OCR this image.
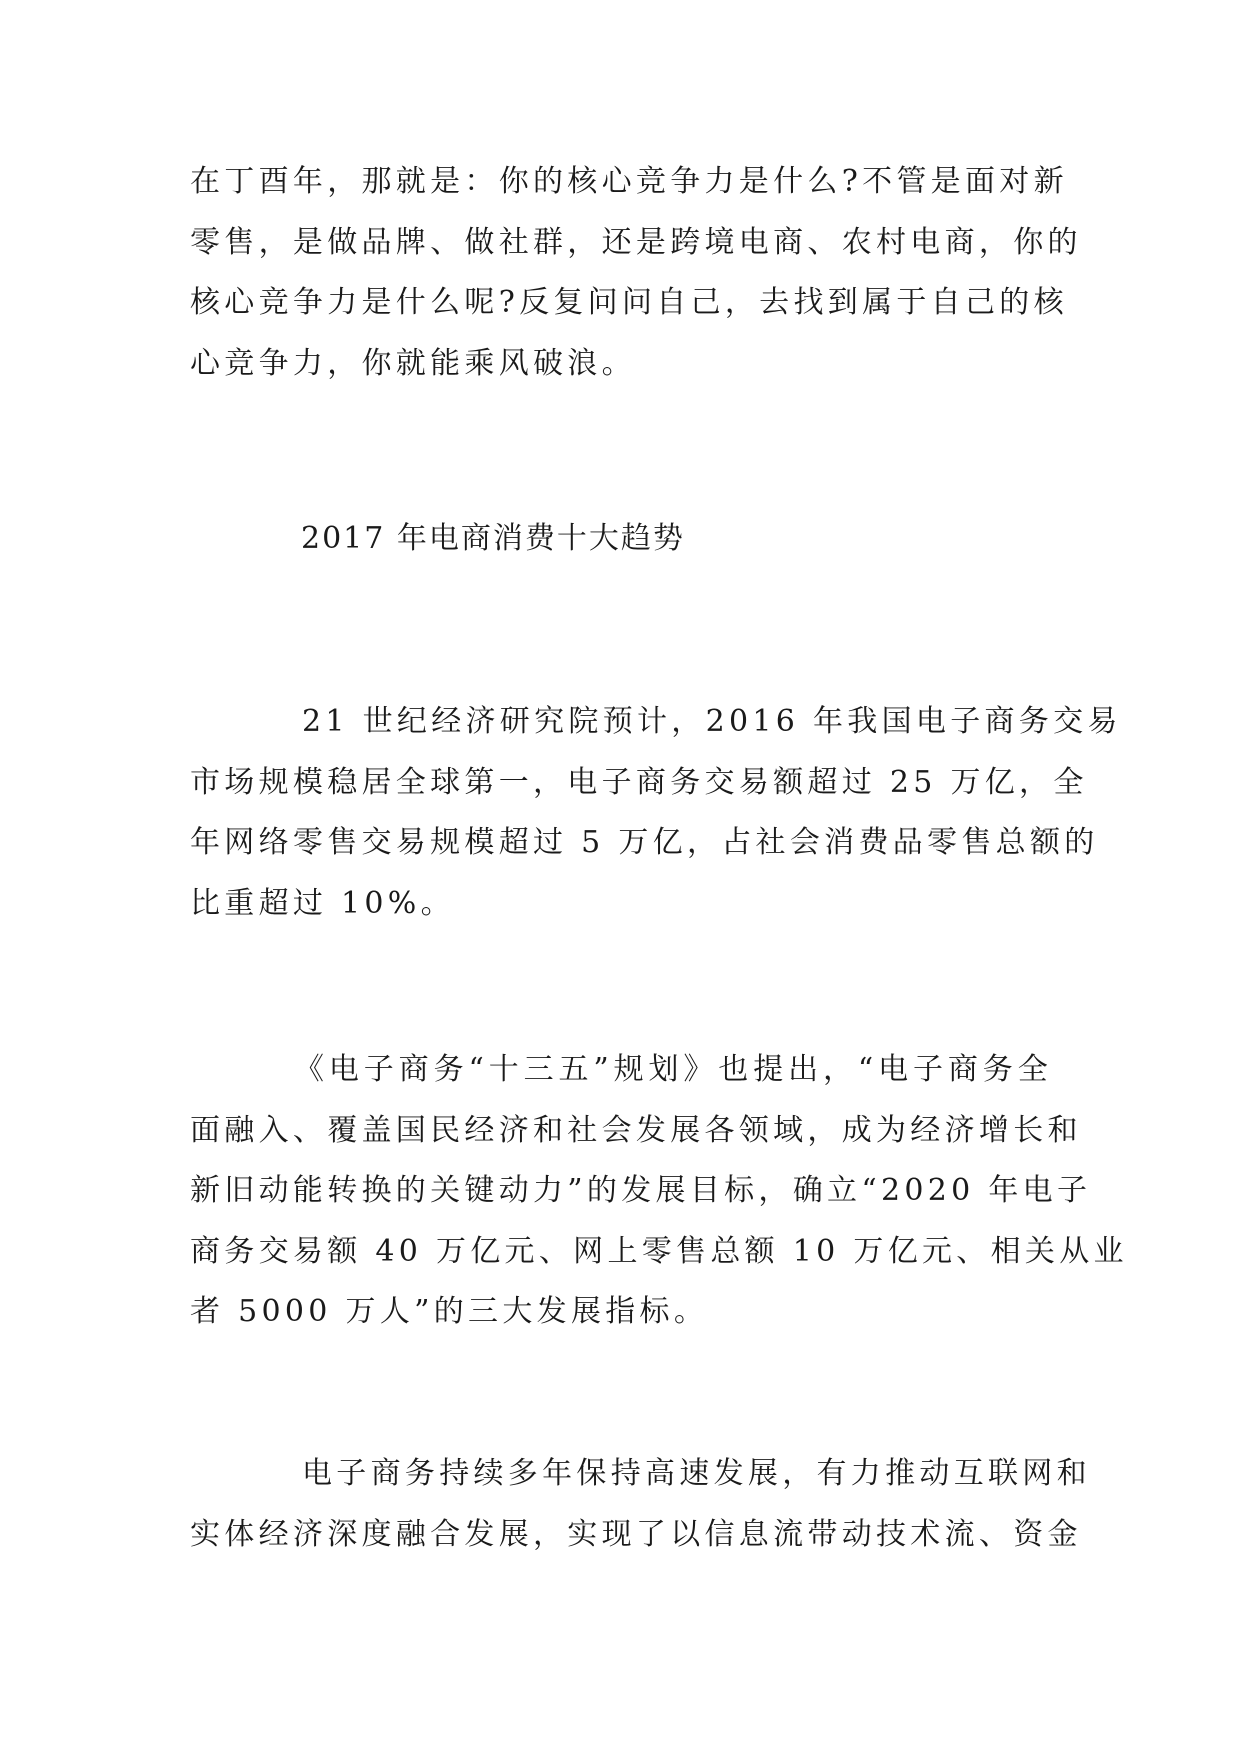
在丁酉年，那就是：你的核心竞争力是什么?不管是面对新
零售，是做品牌、做社群，还是跨境电商、农村电商，你的
核心竞争力是什么呢?反复问问自己，去找到属于自己的核
心竞争力，你就能乘风破浪。

2017 年电商消费十大趋势

21 世纪经济研究院预计，2016 年我国电子商务交易
市场规模稳居全球第一，电子商务交易额超过 25 万亿，全
年网络零售交易规模超过 5 万亿，占社会消费品零售总额的
比重超过 10%。

《电子商务“十三五”规划》也提出，“电子商务全
面融入、覆盖国民经济和社会发展各领域，成为经济增长和
新旧动能转换的关键动力”的发展目标，确立“2020 年电子
商务交易额 40 万亿元、网上零售总额 10 万亿元、相关从业
者 5000 万人”的三大发展指标。

电子商务持续多年保持高速发展，有力推动互联网和
实体经济深度融合发展，实现了以信息流带动技术流、资金
